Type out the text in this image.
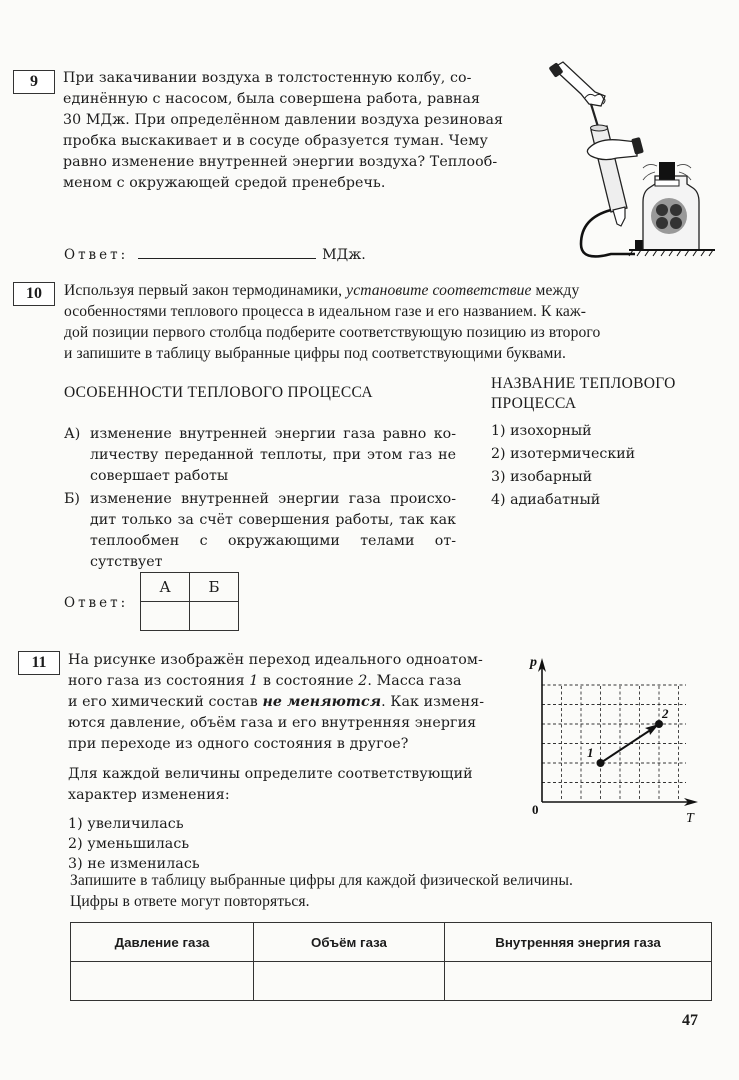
9	При закачивании воздуха в толстостенную колбу, со-
единённую с насосом, была совершена работа, равная
30 МДж. При определённом давлении воздуха резиновая
пробка выскакивает и в сосуде образуется туман. Чему
равно изменение внутренней энергии воздуха? Теплооб-
меном с окружающей средой пренебречь.
Ответ:	МДж.
10	Используя первый закон термодинамики, установите соответствие между
особенностями теплового процесса в идеальном газе и его названием. К каж-
дой позиции первого столбца подберите соответствующую позицию из второго
и запишите в таблицу выбранные цифры под соответствующими буквами.
ОСОБЕННОСТИ ТЕПЛОВОГО ПРОЦЕССА
НАЗВАНИЕ ТЕПЛОВОГО
ПРОЦЕССА
А) изменение внутренней энергии газа равно количеству переданной теплоты, при этом газ не совершает работы
Б) изменение внутренней энергии газа происходит только за счёт совершения работы, так как теплообмен с окружающими телами отсутствует
1) изохорный
2) изотермический
3) изобарный
4) адиабатный
Ответ:
А	Б

11	На рисунке изображён переход идеального одноатом-
ного газа из состояния 1 в состояние 2. Масса газа
и его химический состав не меняются. Как изменя-
ются давление, объём газа и его внутренняя энергия
при переходе из одного состояния в другое?
Для каждой величины определите соответствующий
характер изменения:
1) увеличилась
2) уменьшилась
3) не изменилась
p
0
T
1
2
Запишите в таблицу выбранные цифры для каждой физической величины.
Цифры в ответе могут повторяться.
Давление газа	Объём газа	Внутренняя энергия газа

47
